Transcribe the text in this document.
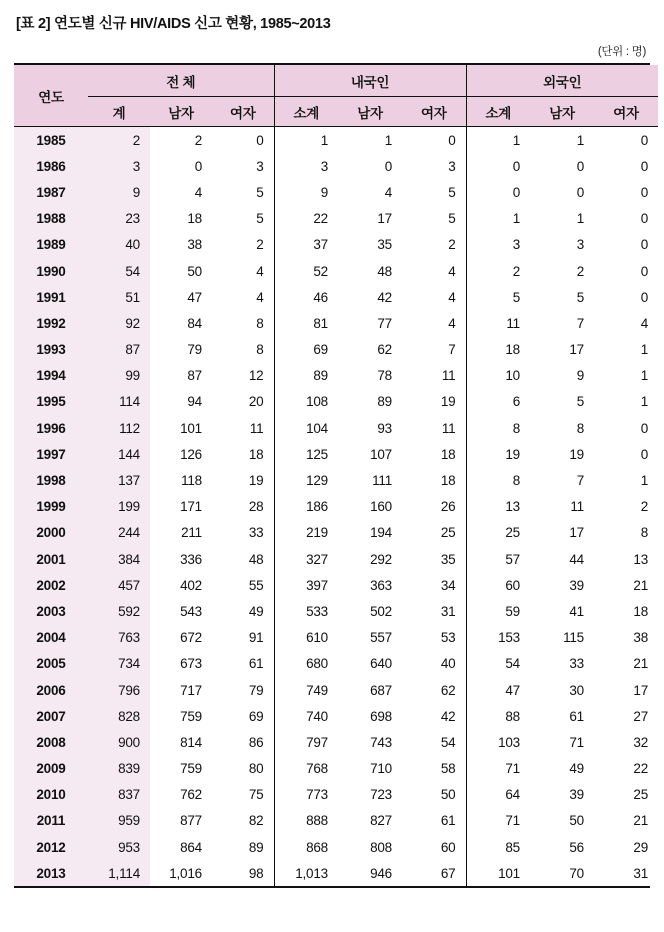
[표 2] 연도별 신규 HIV/AIDS 신고 현황, 1985~2013
(단위 : 명)
연도	전 체			내국인			외국인		
	계	남자	여자	소계	남자	여자	소계	남자	여자
1985	2	2	0	1	1	0	1	1	0
1986	3	0	3	3	0	3	0	0	0
1987	9	4	5	9	4	5	0	0	0
1988	23	18	5	22	17	5	1	1	0
1989	40	38	2	37	35	2	3	3	0
1990	54	50	4	52	48	4	2	2	0
1991	51	47	4	46	42	4	5	5	0
1992	92	84	8	81	77	4	11	7	4
1993	87	79	8	69	62	7	18	17	1
1994	99	87	12	89	78	11	10	9	1
1995	114	94	20	108	89	19	6	5	1
1996	112	101	11	104	93	11	8	8	0
1997	144	126	18	125	107	18	19	19	0
1998	137	118	19	129	111	18	8	7	1
1999	199	171	28	186	160	26	13	11	2
2000	244	211	33	219	194	25	25	17	8
2001	384	336	48	327	292	35	57	44	13
2002	457	402	55	397	363	34	60	39	21
2003	592	543	49	533	502	31	59	41	18
2004	763	672	91	610	557	53	153	115	38
2005	734	673	61	680	640	40	54	33	21
2006	796	717	79	749	687	62	47	30	17
2007	828	759	69	740	698	42	88	61	27
2008	900	814	86	797	743	54	103	71	32
2009	839	759	80	768	710	58	71	49	22
2010	837	762	75	773	723	50	64	39	25
2011	959	877	82	888	827	61	71	50	21
2012	953	864	89	868	808	60	85	56	29
2013	1,114	1,016	98	1,013	946	67	101	70	31
